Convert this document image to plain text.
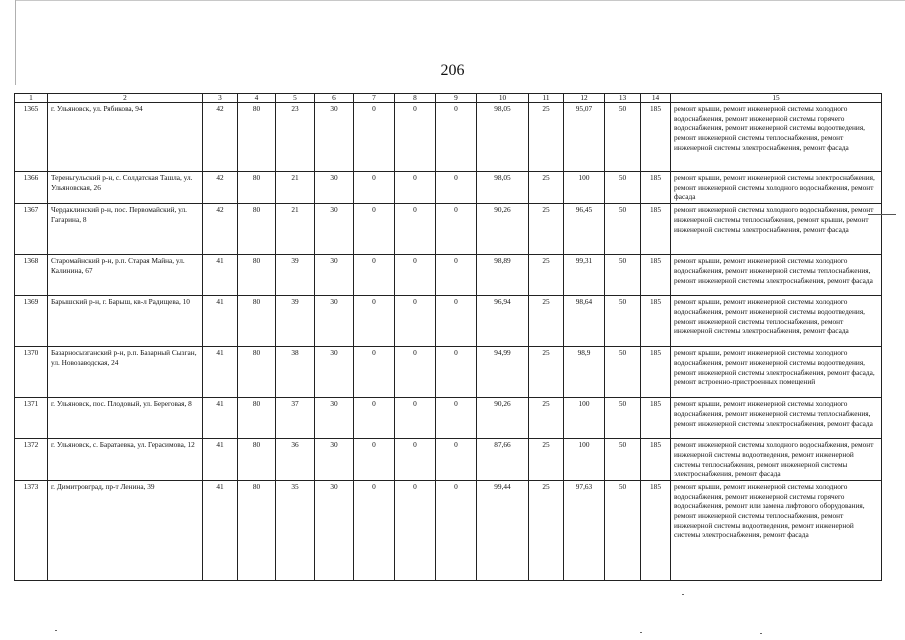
206
1	2	3	4	5	6	7	8	9	10	11	12	13	14	15
1365	г. Ульяновск, ул. Рябикова, 94	42	80	23	30	0	0	0	98,05	25	95,07	50	185	ремонт крыши, ремонт инженерной системы холодного водоснабжения, ремонт инженерной системы горячего водоснабжения, ремонт инженерной системы водоотведения, ремонт инженерной системы теплоснабжения, ремонт инженерной системы электроснабжения, ремонт фасада
1366	Тереньгульский р-н, с. Солдатская Ташла, ул. Ульяновская, 26	42	80	21	30	0	0	0	98,05	25	100	50	185	ремонт крыши, ремонт инженерной системы электроснабжения, ремонт инженерной системы холодного водоснабжения, ремонт фасада
1367	Чердаклинский р-н, пос. Первомайский, ул. Гагарина, 8	42	80	21	30	0	0	0	90,26	25	96,45	50	185	ремонт инженерной системы холодного водоснабжения, ремонт инженерной системы теплоснабжения, ремонт крыши, ремонт инженерной системы электроснабжения, ремонт фасада
1368	Старомайнский р-н, р.п. Старая Майна, ул. Калинина, 67	41	80	39	30	0	0	0	98,89	25	99,31	50	185	ремонт крыши, ремонт инженерной системы холодного водоснабжения, ремонт инженерной системы теплоснабжения, ремонт инженерной системы электроснабжения, ремонт фасада
1369	Барышский р-н, г. Барыш, кв-л Радищева, 10	41	80	39	30	0	0	0	96,94	25	98,64	50	185	ремонт крыши, ремонт инженерной системы холодного водоснабжения, ремонт инженерной системы водоотведения, ремонт инженерной системы теплоснабжения, ремонт инженерной системы электроснабжения, ремонт фасада
1370	Базарносызганский р-н, р.п. Базарный Сызган, ул. Новозаводская, 24	41	80	38	30	0	0	0	94,99	25	98,9	50	185	ремонт крыши, ремонт инженерной системы холодного водоснабжения, ремонт инженерной системы водоотведения, ремонт инженерной системы электроснабжения, ремонт фасада, ремонт встроенно-пристроенных помещений
1371	г. Ульяновск, пос. Плодовый, ул. Береговая, 8	41	80	37	30	0	0	0	90,26	25	100	50	185	ремонт крыши, ремонт инженерной системы холодного водоснабжения, ремонт инженерной системы теплоснабжения, ремонт инженерной системы электроснабжения, ремонт фасада
1372	г. Ульяновск, с. Баратаевка, ул. Герасимова, 12	41	80	36	30	0	0	0	87,66	25	100	50	185	ремонт инженерной системы холодного водоснабжения, ремонт инженерной системы водоотведения, ремонт инженерной системы теплоснабжения, ремонт инженерной системы электроснабжения, ремонт фасада
1373	г. Димитровград, пр-т Ленина, 39	41	80	35	30	0	0	0	99,44	25	97,63	50	185	ремонт крыши, ремонт инженерной системы холодного водоснабжения, ремонт инженерной системы горячего водоснабжения, ремонт или замена лифтового оборудования, ремонт инженерной системы теплоснабжения, ремонт инженерной системы водоотведения, ремонт инженерной системы электроснабжения, ремонт фасада
